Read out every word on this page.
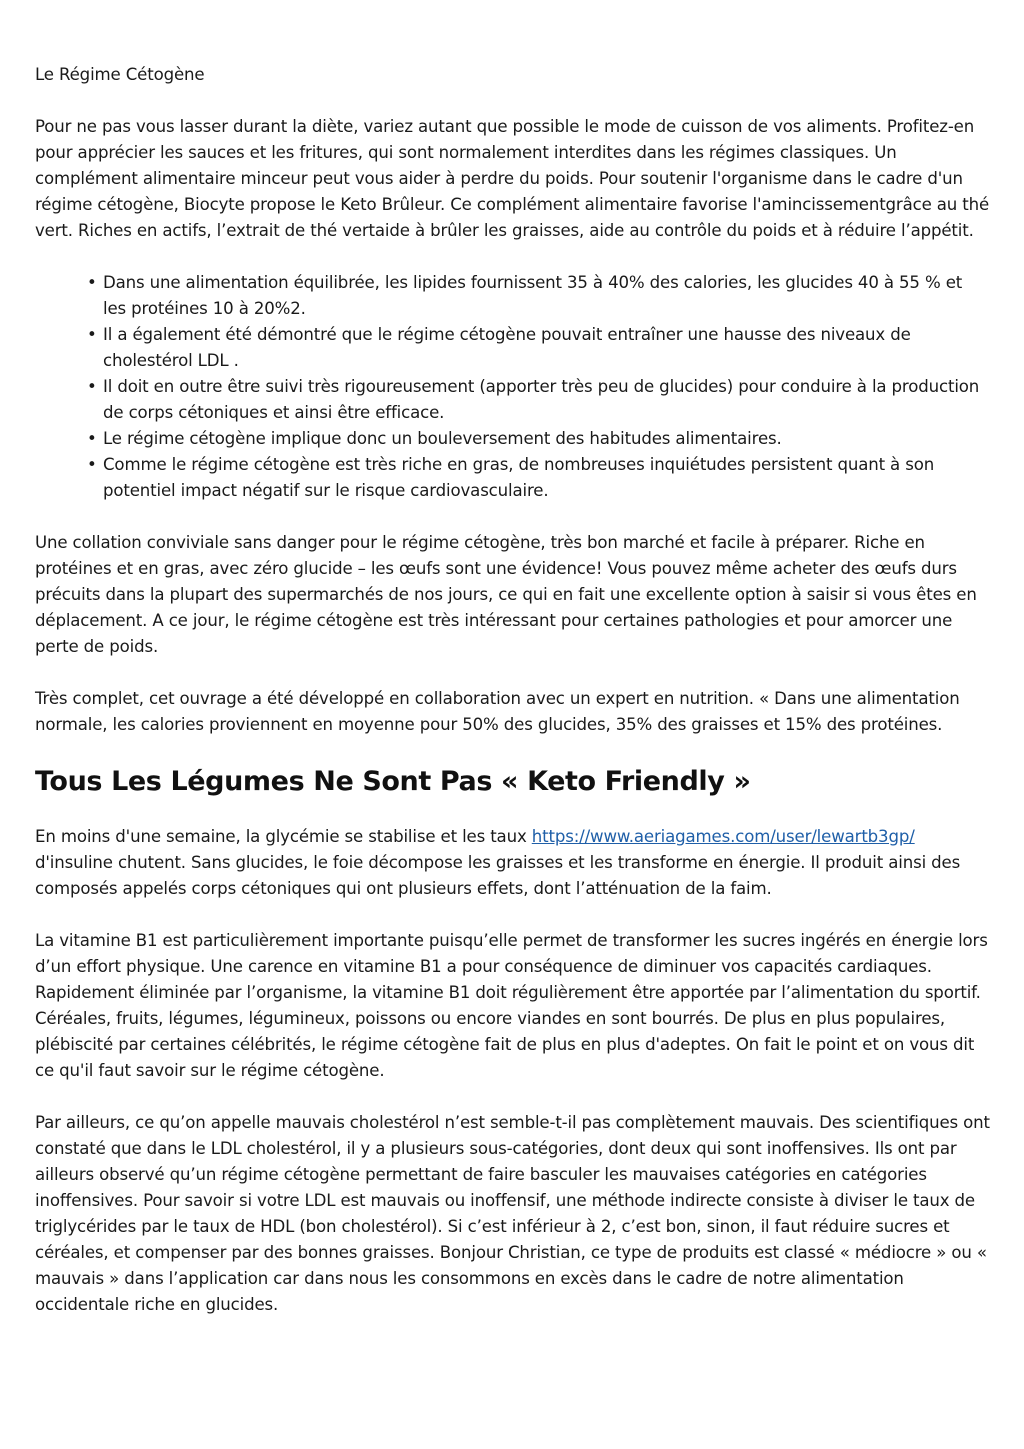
Le Régime Cétogène

Pour ne pas vous lasser durant la diète, variez autant que possible le mode de cuisson de vos aliments. Profitez-en pour apprécier les sauces et les fritures, qui sont normalement interdites dans les régimes classiques. Un complément alimentaire minceur peut vous aider à perdre du poids. Pour soutenir l'organisme dans le cadre d'un régime cétogène, Biocyte propose le Keto Brûleur. Ce complément alimentaire favorise l'amincissementgrâce au thé vert. Riches en actifs, l’extrait de thé vertaide à brûler les graisses, aide au contrôle du poids et à réduire l’appétit.

• Dans une alimentation équilibrée, les lipides fournissent 35 à 40% des calories, les glucides 40 à 55 % et les protéines 10 à 20%2.
• Il a également été démontré que le régime cétogène pouvait entraîner une hausse des niveaux de cholestérol LDL .
• Il doit en outre être suivi très rigoureusement (apporter très peu de glucides) pour conduire à la production de corps cétoniques et ainsi être efficace.
• Le régime cétogène implique donc un bouleversement des habitudes alimentaires.
• Comme le régime cétogène est très riche en gras, de nombreuses inquiétudes persistent quant à son potentiel impact négatif sur le risque cardiovasculaire.

Une collation conviviale sans danger pour le régime cétogène, très bon marché et facile à préparer. Riche en protéines et en gras, avec zéro glucide – les œufs sont une évidence! Vous pouvez même acheter des œufs durs précuits dans la plupart des supermarchés de nos jours, ce qui en fait une excellente option à saisir si vous êtes en déplacement. A ce jour, le régime cétogène est très intéressant pour certaines pathologies et pour amorcer une perte de poids.

Très complet, cet ouvrage a été développé en collaboration avec un expert en nutrition. « Dans une alimentation normale, les calories proviennent en moyenne pour 50% des glucides, 35% des graisses et 15% des protéines.

Tous Les Légumes Ne Sont Pas « Keto Friendly »

En moins d'une semaine, la glycémie se stabilise et les taux https://www.aeriagames.com/user/lewartb3gp/ d'insuline chutent. Sans glucides, le foie décompose les graisses et les transforme en énergie. Il produit ainsi des composés appelés corps cétoniques qui ont plusieurs effets, dont l’atténuation de la faim.

La vitamine B1 est particulièrement importante puisqu’elle permet de transformer les sucres ingérés en énergie lors d’un effort physique. Une carence en vitamine B1 a pour conséquence de diminuer vos capacités cardiaques. Rapidement éliminée par l’organisme, la vitamine B1 doit régulièrement être apportée par l’alimentation du sportif. Céréales, fruits, légumes, légumineux, poissons ou encore viandes en sont bourrés. De plus en plus populaires, plébiscité par certaines célébrités, le régime cétogène fait de plus en plus d'adeptes. On fait le point et on vous dit ce qu'il faut savoir sur le régime cétogène.

Par ailleurs, ce qu’on appelle mauvais cholestérol n’est semble-t-il pas complètement mauvais. Des scientifiques ont constaté que dans le LDL cholestérol, il y a plusieurs sous-catégories, dont deux qui sont inoffensives. Ils ont par ailleurs observé qu’un régime cétogène permettant de faire basculer les mauvaises catégories en catégories inoffensives. Pour savoir si votre LDL est mauvais ou inoffensif, une méthode indirecte consiste à diviser le taux de triglycérides par le taux de HDL (bon cholestérol). Si c’est inférieur à 2, c’est bon, sinon, il faut réduire sucres et céréales, et compenser par des bonnes graisses. Bonjour Christian, ce type de produits est classé « médiocre » ou « mauvais » dans l’application car dans nous les consommons en excès dans le cadre de notre alimentation occidentale riche en glucides.
